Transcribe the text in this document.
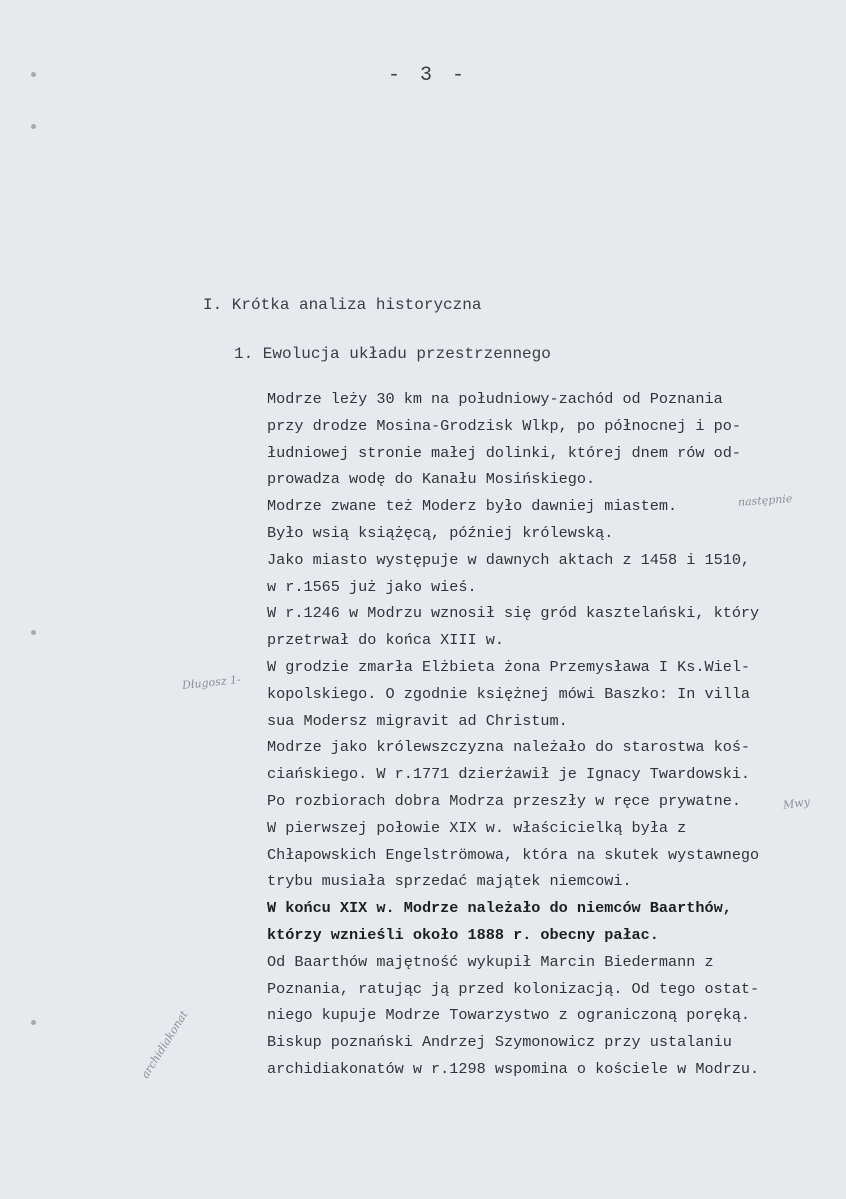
- 3 -
I. Krótka analiza historyczna
1. Ewolucja układu przestrzennego
Modrze leży 30 km na południowy-zachód od Poznania
przy drodze Mosina-Grodzisk Wlkp, po północnej i po-
łudniowej stronie małej dolinki, której dnem rów od-
prowadza wodę do Kanału Mosińskiego.
Modrze zwane też Moderz było dawniej miastem.
Było wsią książęcą, później królewską.
Jako miasto występuje w dawnych aktach z 1458 i 1510,
w r.1565 już jako wieś.
W r.1246 w Modrzu wznosił się gród kasztelański, który
przetrwał do końca XIII w.
W grodzie zmarła Elżbieta żona Przemysława I Ks.Wiel-
kopolskiego. O zgodnie księżnej mówi Baszko: In villa
sua Modersz migravit ad Christum.
Modrze jako królewszczyzna należało do starostwa koś-
ciańskiego. W r.1771 dzierżawił je Ignacy Twardowski.
Po rozbiorach dobra Modrza przeszły w ręce prywatne.
W pierwszej połowie XIX w. właścicielką była z
Chłapowskich Engelströmowa, która na skutek wystawnego
trybu musiała sprzedać majątek niemcowi.
W końcu XIX w. Modrze należało do niemców Baarthów,
którzy wznieśli około 1888 r. obecny pałac.
Od Baarthów majętność wykupił Marcin Biedermann z
Poznania, ratując ją przed kolonizacją. Od tego ostat-
niego kupuje Modrze Towarzystwo z ograniczoną poręką.
Biskup poznański Andrzej Szymonowicz przy ustalaniu
archidiakonatów w r.1298 wspomina o kościele w Modrzu.
następnie
Długosz 1-
Mwy
archidiakonat
